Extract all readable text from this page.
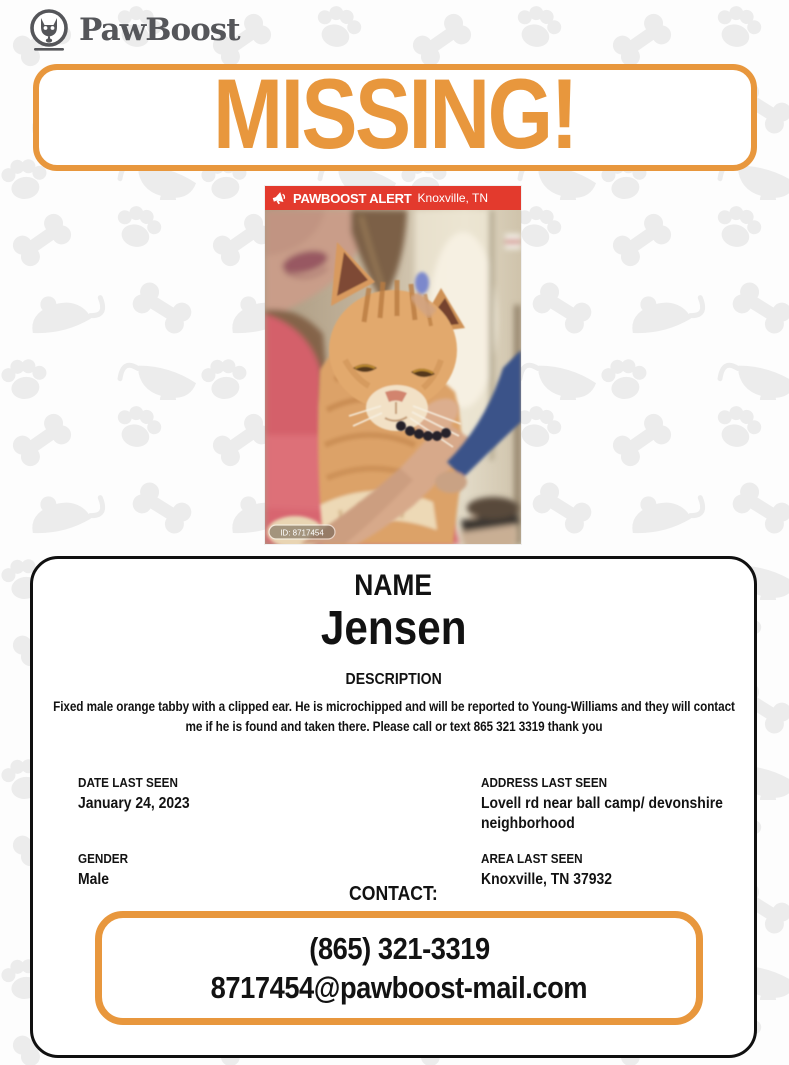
PawBoost
MISSING!
PAWBOOST ALERT Knoxville, TN
ID: 8717454
NAME
Jensen
DESCRIPTION
Fixed male orange tabby with a clipped ear. He is microchipped and will be reported to Young-Williams and they will contact me if he is found and taken there. Please call or text 865 321 3319 thank you
DATE LAST SEEN
January 24, 2023
ADDRESS LAST SEEN
Lovell rd near ball camp/ devonshire neighborhood
GENDER
Male
AREA LAST SEEN
Knoxville, TN 37932
CONTACT:
(865) 321-3319
8717454@pawboost-mail.com
